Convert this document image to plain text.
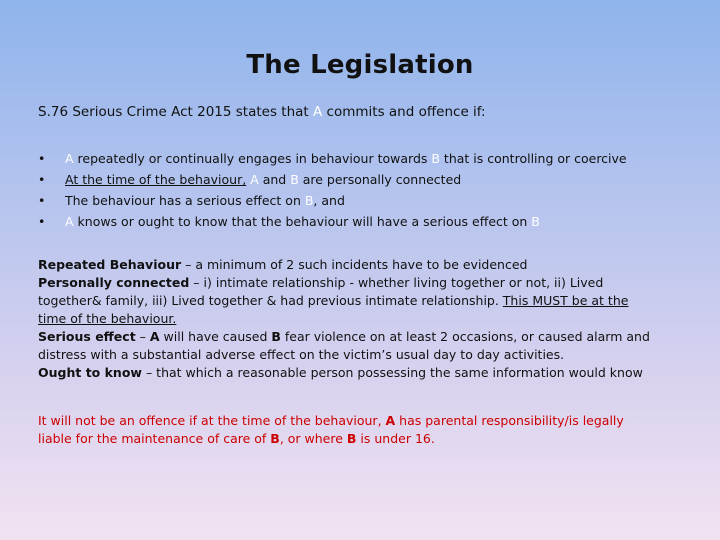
The Legislation
S.76 Serious Crime Act 2015 states that A commits and offence if:
• A repeatedly or continually engages in behaviour towards B that is controlling or coercive
• At the time of the behaviour, A and B are personally connected
• The behaviour has a serious effect on B, and
• A knows or ought to know that the behaviour will have a serious effect on B

Repeated Behaviour – a minimum of 2 such incidents have to be evidenced

Personally connected – i) intimate relationship - whether living together or not, ii) Lived together& family, iii) Lived together & had previous intimate relationship. This MUST be at the time of the behaviour.

Serious effect – A will have caused B fear violence on at least 2 occasions, or caused alarm and distress with a substantial adverse effect on the victim’s usual day to day activities.

Ought to know – that which a reasonable person possessing the same information would know

It will not be an offence if at the time of the behaviour, A has parental responsibility/is legally liable for the maintenance of care of B, or where B is under 16.
